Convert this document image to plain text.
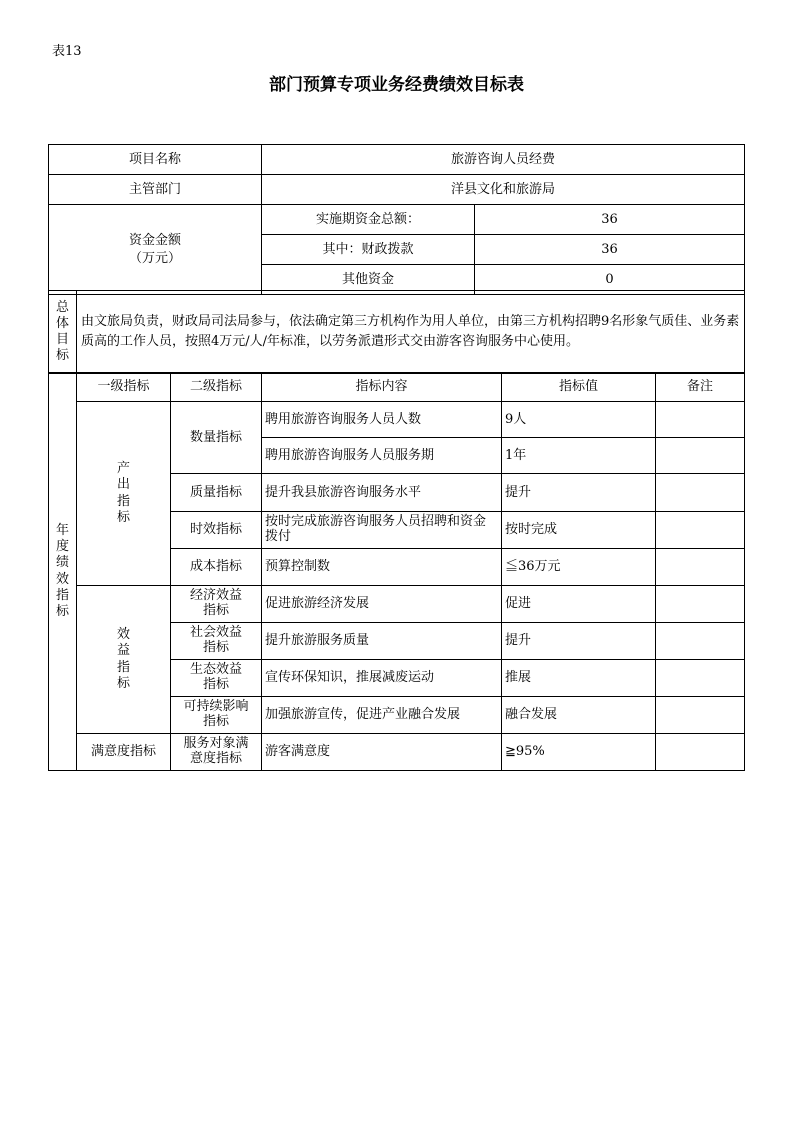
表13
部门预算专项业务经费绩效目标表
项目名称	旅游咨询人员经费	
主管部门	洋县文化和旅游局	

资金金额
（万元）	实施期资金总额：	36
	其中：财政拨款	36
	其他资金	0
总体目标
	由文旅局负责，财政局司法局参与，依法确定第三方机构作为用人单位，由第三方机构招聘9名形象气质佳、业务素质高的工作人员，按照4万元/人/年标准，以劳务派遣形式交由游客咨询服务中心使用。
年度绩效指标	一级指标	二级指标	指标内容	指标值	备注

	产出指标	数量指标	聘用旅游咨询服务人员人数	9人	
			聘用旅游咨询服务人员服务期	1年	
		质量指标	提升我县旅游咨询服务水平	提升	
		时效指标	按时完成旅游咨询服务人员招聘和资金拨付	按时完成	
		成本指标	预算控制数	≦36万元	

	效益指标	经济效益指标	促进旅游经济发展	促进	

		社会效益指标	提升旅游服务质量	提升	

		生态效益指标	宣传环保知识，推展减废运动	推展	

		可持续影响指标	加强旅游宣传，促进产业融合发展	融合发展	
	满意度指标	服务对象满意度指标	游客满意度	≧95%	
